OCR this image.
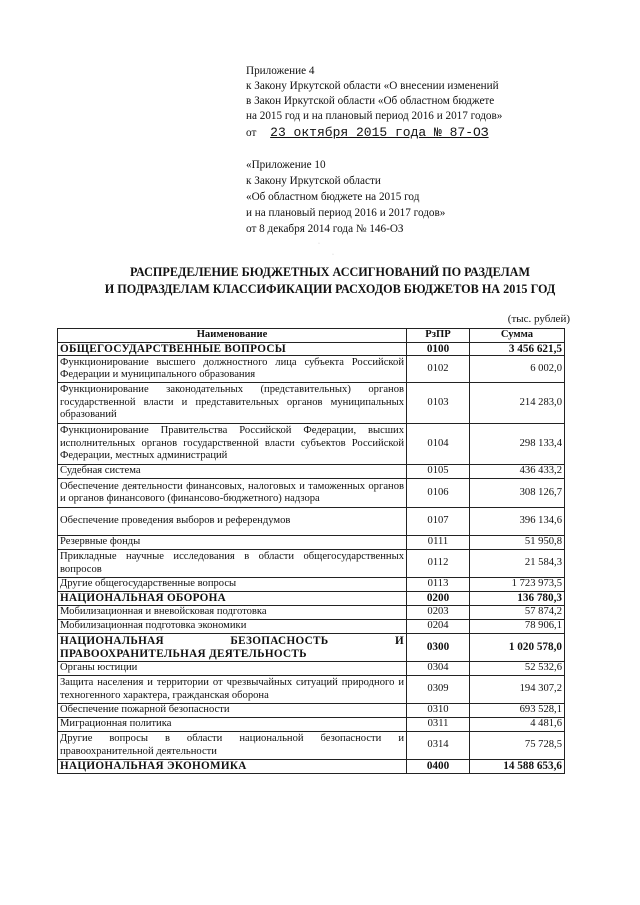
Приложение 4
к Закону Иркутской области «О внесении изменений
в Закон Иркутской области «Об областном бюджете
на 2015 год и на плановый период 2016 и 2017 годов»
от 23 октября 2015 года № 87-ОЗ
«Приложение 10
к Закону Иркутской области
«Об областном бюджете на 2015 год
и на плановый период 2016 и 2017 годов»
от 8 декабря 2014 года № 146-ОЗ
·
·
РАСПРЕДЕЛЕНИЕ БЮДЖЕТНЫХ АССИГНОВАНИЙ ПО РАЗДЕЛАМ
И ПОДРАЗДЕЛАМ КЛАССИФИКАЦИИ РАСХОДОВ БЮДЖЕТОВ НА 2015 ГОД
(тыс. рублей)
Наименование	РзПР	Сумма
ОБЩЕГОСУДАРСТВЕННЫЕ ВОПРОСЫ	0100	3 456 621,5
Функционирование высшего должностного лица субъекта Российской Федерации и муниципального образования	0102	6 002,0
Функционирование законодательных (представительных) органов государственной власти и представительных органов муниципальных образований	0103	214 283,0
Функционирование Правительства Российской Федерации, высших исполнительных органов государственной власти субъектов Российской Федерации, местных администраций	0104	298 133,4
Судебная система	0105	436 433,2
Обеспечение деятельности финансовых, налоговых и таможенных органов и органов финансового (финансово-бюджетного) надзора	0106	308 126,7
Обеспечение проведения выборов и референдумов	0107	396 134,6
Резервные фонды	0111	51 950,8
Прикладные научные исследования в области общегосударственных вопросов	0112	21 584,3
Другие общегосударственные вопросы	0113	1 723 973,5
НАЦИОНАЛЬНАЯ ОБОРОНА	0200	136 780,3
Мобилизационная и вневойсковая подготовка	0203	57 874,2
Мобилизационная подготовка экономики	0204	78 906,1
НАЦИОНАЛЬНАЯ БЕЗОПАСНОСТЬ И ПРАВООХРАНИТЕЛЬНАЯ ДЕЯТЕЛЬНОСТЬ	0300	1 020 578,0
Органы юстиции	0304	52 532,6
Защита населения и территории от чрезвычайных ситуаций природного и техногенного характера, гражданская оборона	0309	194 307,2
Обеспечение пожарной безопасности	0310	693 528,1
Миграционная политика	0311	4 481,6
Другие вопросы в области национальной безопасности и правоохранительной деятельности	0314	75 728,5
НАЦИОНАЛЬНАЯ ЭКОНОМИКА	0400	14 588 653,6
